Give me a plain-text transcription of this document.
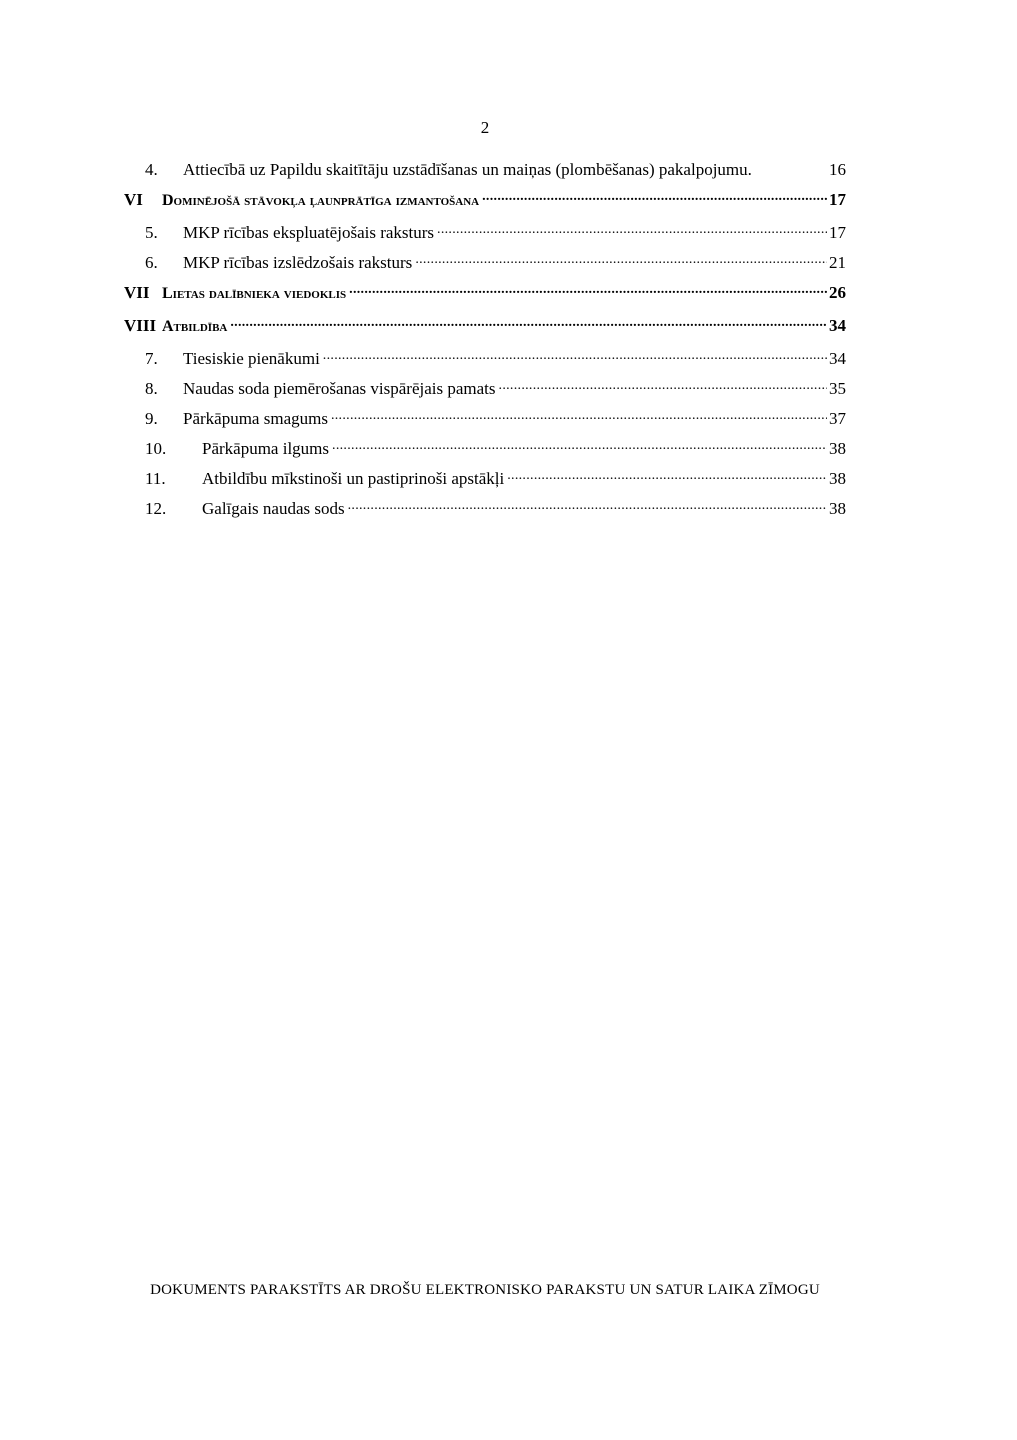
2
4.	Attiecībā uz Papildu skaitītāju uzstādīšanas un maiņas (plombēšanas) pakalpojumu.	16
VI	Dominējošā stāvokļa ļaunprātīga izmantošana . . .	17
5.	MKP rīcības ekspluatējošais raksturs . . .	17
6.	MKP rīcības izslēdzošais raksturs . . .	21
VII Lietas dalībnieka viedoklis . . .	26
VIII Atbildība . . .	34
7.	Tiesiskie pienākumi . . .	34
8.	Naudas soda piemērošanas vispārējais pamats . . .	35
9.	Pārkāpuma smagums . . .	37
10.	Pārkāpuma ilgums . . .	38
11.	Atbildību mīkstinoši un pastiprinoši apstākļi . . .	38
12.	Galīgais naudas sods . . .	38
DOKUMENTS PARAKSTĪTS AR DROŠU ELEKTRONISKO PARAKSTU UN SATUR LAIKA ZĪMOGU
